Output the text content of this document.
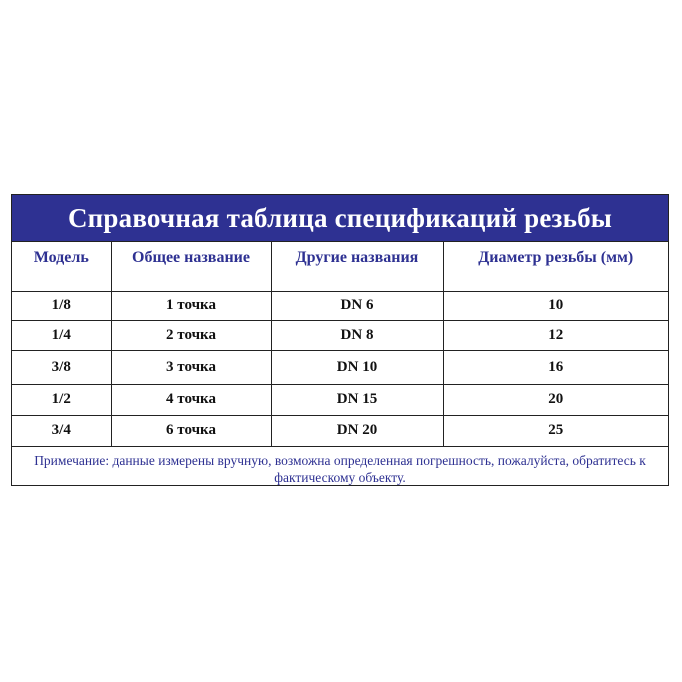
Справочная таблица спецификаций резьбы
Модель	Общее название	Другие названия	Диаметр резьбы (мм)
1/8	1 точка	DN 6	10
1/4	2 точка	DN 8	12
3/8	3 точка	DN 10	16
1/2	4 точка	DN 15	20
3/4	6 точка	DN 20	25
Примечание: данные измерены вручную, возможна определенная погрешность, пожалуйста, обратитесь к фактическому объекту.
